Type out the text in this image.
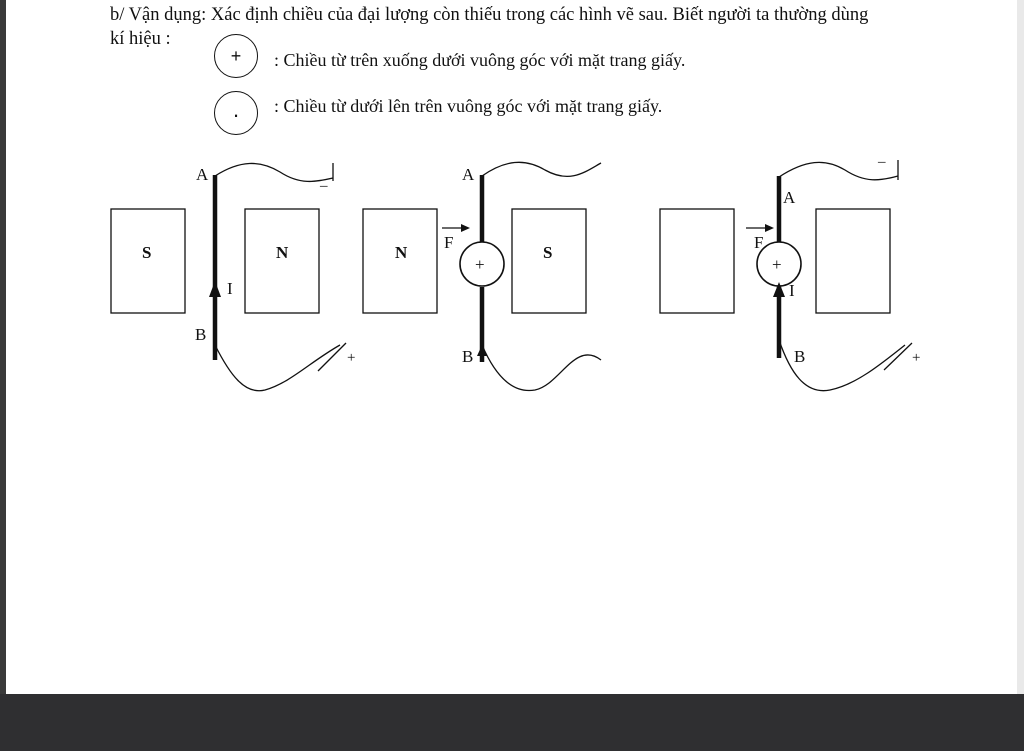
b/ Vận dụng: Xác định chiều của đại lượng còn thiếu trong các hình vẽ sau. Biết người ta thường dùng
kí hiệu :
+ : Chiều từ trên xuống dưới vuông góc với mặt trang giấy.
· : Chiều từ dưới lên trên vuông góc với mặt trang giấy.
A
B
I
S	N
–
+
A
B
F
N	S
+
A
B
F
I
+
–
+
